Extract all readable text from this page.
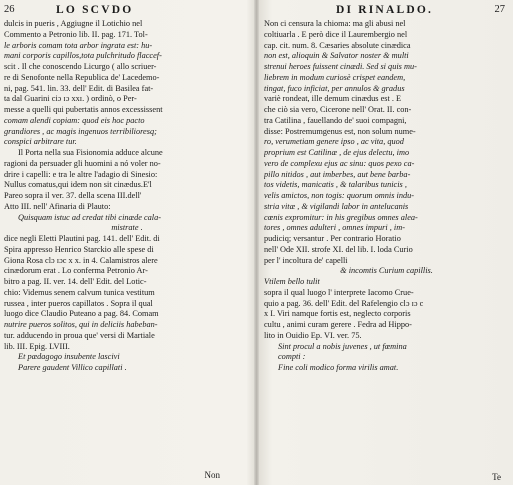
26	LO SCVDO
dulcis in pueris , Aggiugne il Lotichio nel
Commento a Petronio lib. II. pag. 171. Tol-
le arboris comam tota arbor ingrata est: hu-
mani corporis capillos,tota pulchritudo flaccef-
scit . Il che conoscendo Licurgo ( allo scriuer-
re di Senofonte nella Republica de' Lacedemo-
ni, pag. 541. lin. 33. dell' Edit. di Basilea fat-
ta dal Guarini ciɔ ɪɔ xxɪ. ) ordinò, o Per-
messe a quelli qui pubertatis annos excessissent
comam alendi copiam: quod eis hoc pacto
grandiores , ac magis ingenuos terribilioresq;
conspici arbitrare tur.
Il Porta nella sua Fisionomia adduce alcune
ragioni da persuader gli huomini a nó voler no-
drire i capelli: e tra le altre l'adagio di Sinesio:
Nullus comatus,qui idem non sit cinædus.E'l
Pareo sopra il ver. 37. della scena III.dell'
Atto III. nell' Afinaria di Plauto:
Quisquam istuc ad credat tibi cinæde cala-
mistrate .
dice negli Eletti Plautini pag. 141. dell' Edit. di
Spira appresso Henrico Starckio alle spese di
Giona Rosa clɔ ɪɔc x x. in 4. Calamistros alere
cinædorum erat . Lo conferma Petronio Ar-
bitro a pag. II. ver. 14. dell' Edit. del Lotic-
chio: Videmus senem calvum tunica vestitum
russea , inter pueros capillatos . Sopra il qual
luogo dice Claudio Puteano a pag. 84. Comam
nutrire pueros solitos, qui in deliciis habeban-
tur. adducendo in proua que' versi di Martiale
lib. III. Epig. LVIII.
Et pædagogo insubente lascivi
Parere gaudent Villico capillati .
Non
DI RINALDO.	27
Non ci censura la chioma: ma gli abusi nel
coltiuarla . E però dice il Laurembergio nel
cap. cit. num. 8. Cæsaries absolute cinædica
non est, alioquin & Salvator noster & multi
strenui heroes fuissent cinædi. Sed si quis mu-
liebrem in modum curiosè crispet eandem,
tingat, fuco inficiat, per annulos & gradus
variè rondeat, ille demum cinædus est . E
che ciò sia vero, Cicerone nell' Orat. II. con-
tra Catilina , fauellando de' suoi compagni,
disse: Postremumgenus est, non solum nume-
ro, verumetiam genere ipso , ac vita, quod
proprium est Catilinæ , de ejus delectu, imo
vero de complexu ejus ac sinu: quos pexo ca-
pillo nitidos , aut imberbes, aut bene barba-
tos videtis, manicatis , & talaribus tunicis ,
velis amictos, non togis: quorum omnis indu-
stria vitæ , & vigilandi labor in antelucanis
cœnis expromitur: in his gregibus omnes alea-
tores , omnes adulteri , omnes impuri , im-
pudiciq; versantur . Per contrario Horatio
nell' Ode XII. strofe XI. del lib. I. loda Curio
per l' incoltura de' capelli
& incomtis Curium capillis.
Vtilem bello tulit
sopra il qual luogo l' interprete Iacomo Crue-
quio a pag. 36. dell' Edit. del Rafelengio clɔ ɪɔ c
x I. Viri namque fortis est, neglecto corporis
cultu , animi curam gerere . Fedra ad Hippo-
lito in Ouidio Ep. VI. ver. 75.
Sint procul a nobis juvenes , ut fœmina
compti :
Fine coli modico forma virilis amat.
Te
